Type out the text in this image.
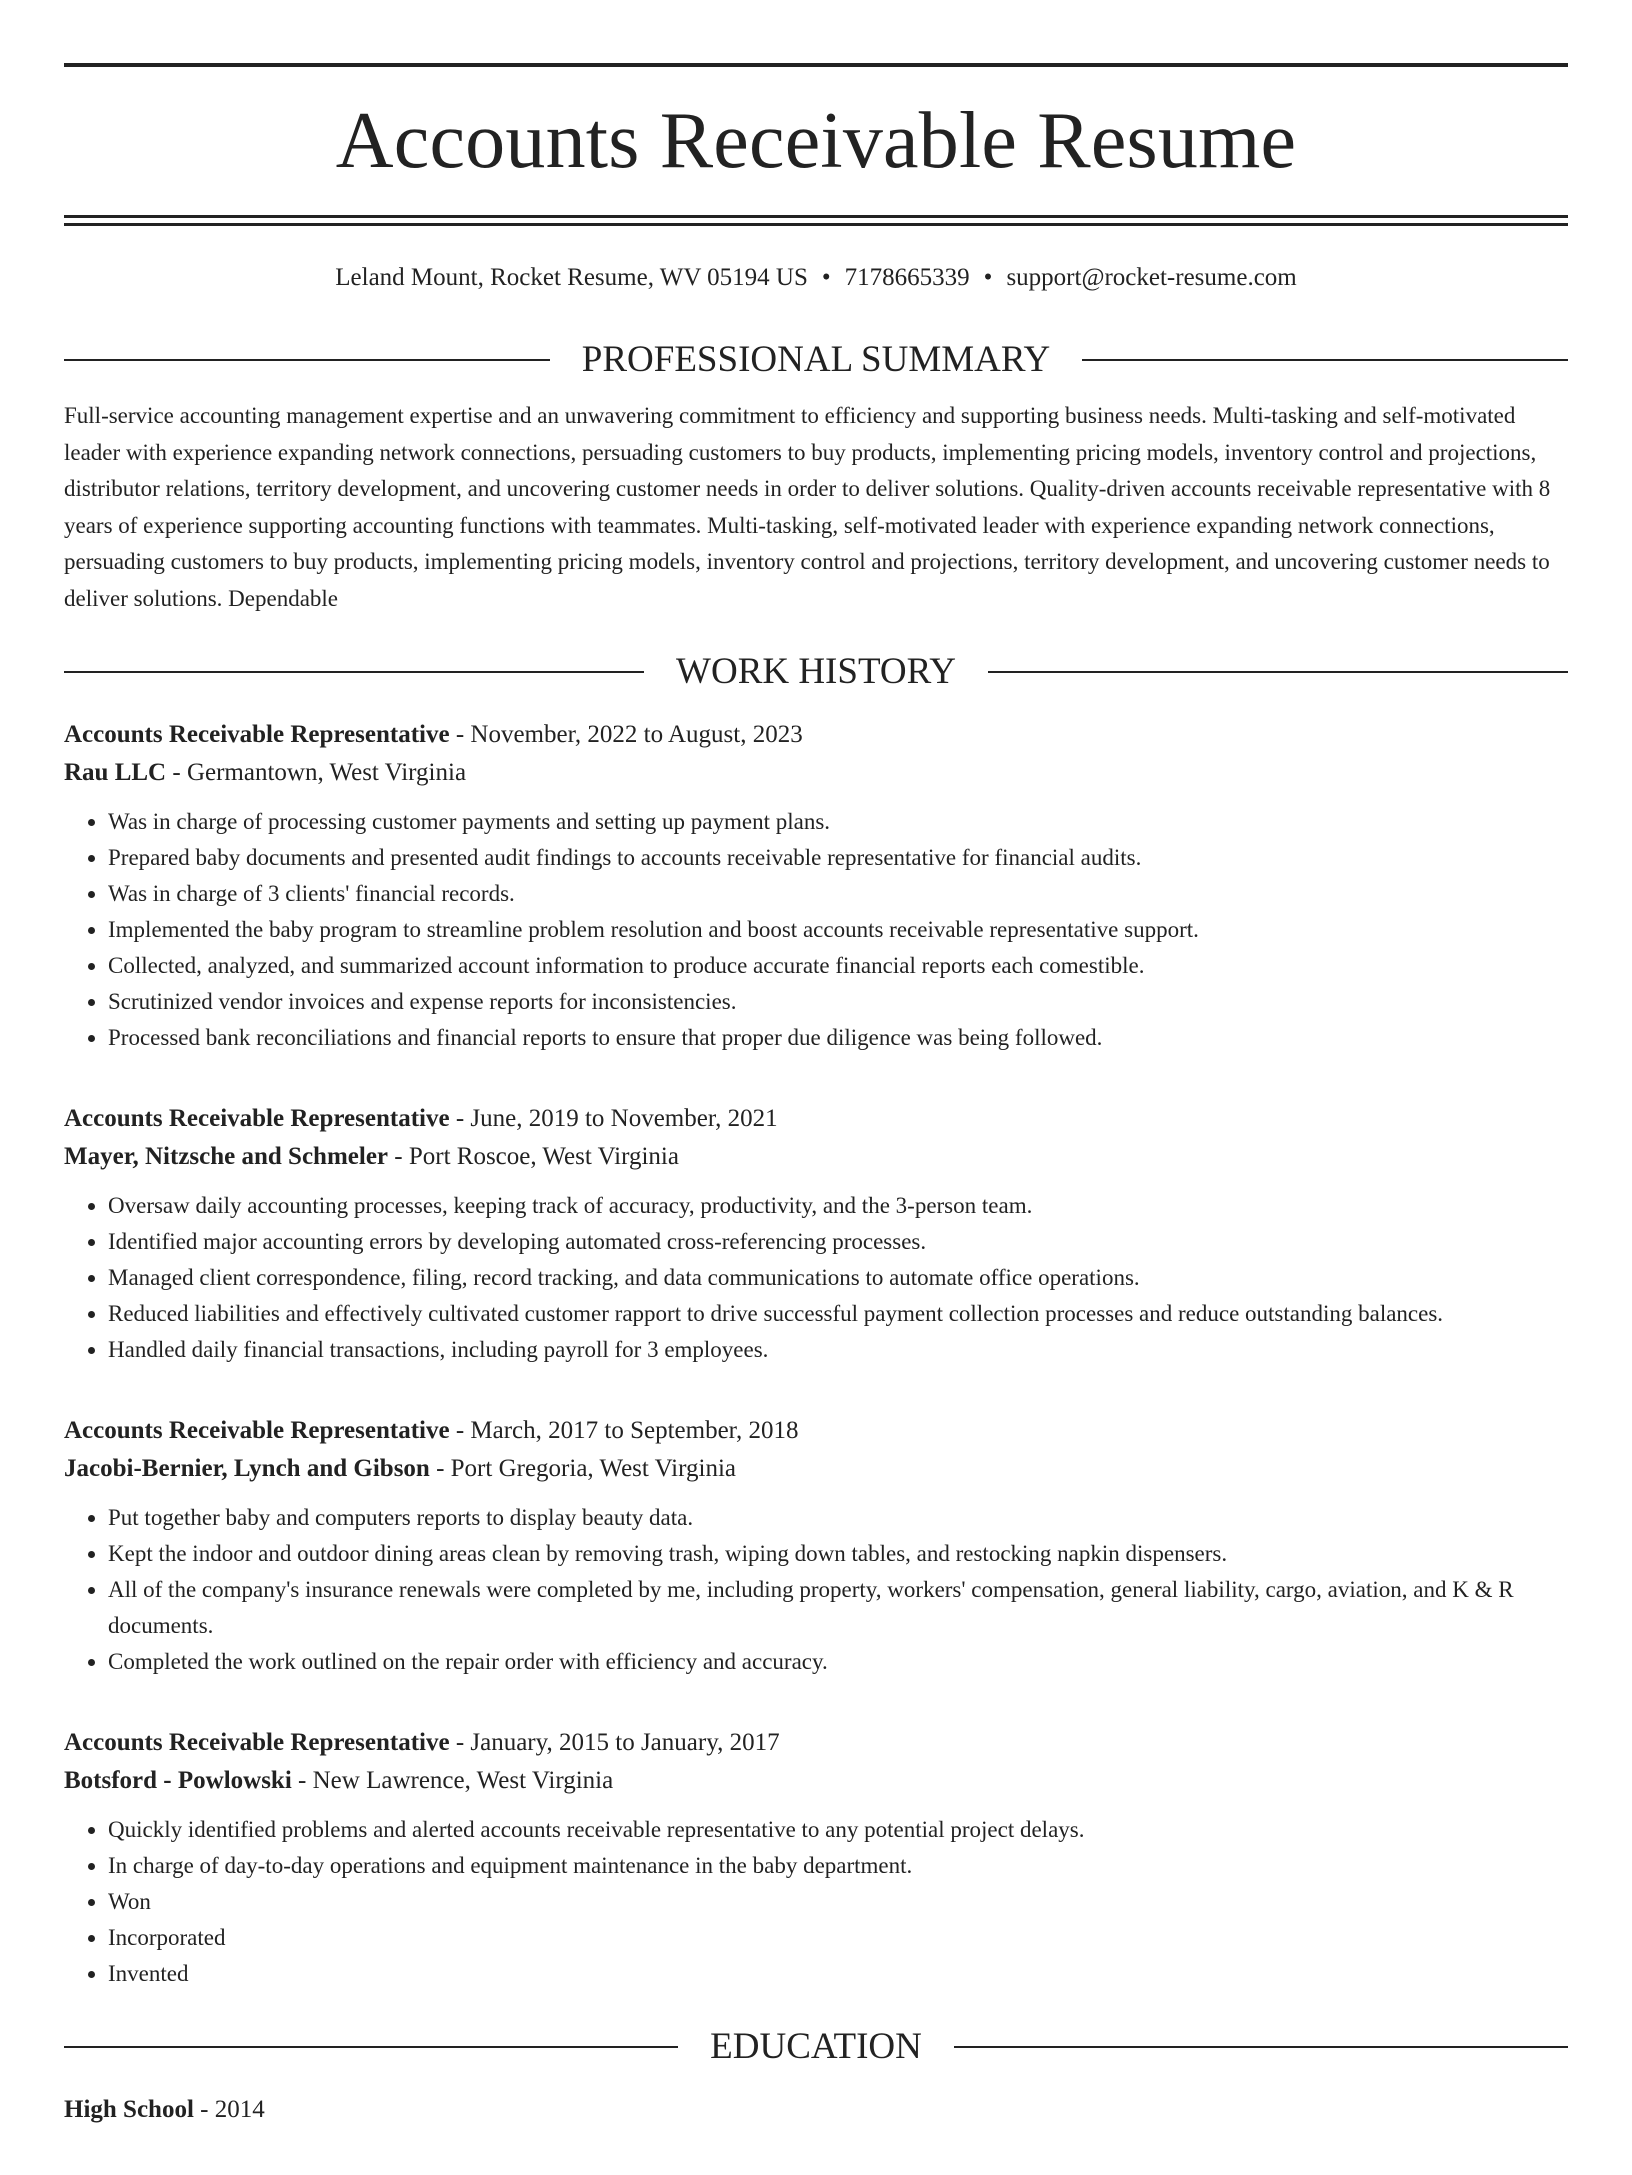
Accounts Receivable Resume
Leland Mount, Rocket Resume, WV 05194 US • 7178665339 • support@rocket-resume.com
PROFESSIONAL SUMMARY
Full-service accounting management expertise and an unwavering commitment to efficiency and supporting business needs. Multi-tasking and self-motivated leader with experience expanding network connections, persuading customers to buy products, implementing pricing models, inventory control and projections, distributor relations, territory development, and uncovering customer needs in order to deliver solutions. Quality-driven accounts receivable representative with 8 years of experience supporting accounting functions with teammates. Multi-tasking, self-motivated leader with experience expanding network connections, persuading customers to buy products, implementing pricing models, inventory control and projections, territory development, and uncovering customer needs to deliver solutions. Dependable
WORK HISTORY
Accounts Receivable Representative - November, 2022 to August, 2023
Rau LLC - Germantown, West Virginia
• Was in charge of processing customer payments and setting up payment plans.
• Prepared baby documents and presented audit findings to accounts receivable representative for financial audits.
• Was in charge of 3 clients' financial records.
• Implemented the baby program to streamline problem resolution and boost accounts receivable representative support.
• Collected, analyzed, and summarized account information to produce accurate financial reports each comestible.
• Scrutinized vendor invoices and expense reports for inconsistencies.
• Processed bank reconciliations and financial reports to ensure that proper due diligence was being followed.
Accounts Receivable Representative - June, 2019 to November, 2021
Mayer, Nitzsche and Schmeler - Port Roscoe, West Virginia
• Oversaw daily accounting processes, keeping track of accuracy, productivity, and the 3-person team.
• Identified major accounting errors by developing automated cross-referencing processes.
• Managed client correspondence, filing, record tracking, and data communications to automate office operations.
• Reduced liabilities and effectively cultivated customer rapport to drive successful payment collection processes and reduce outstanding balances.
• Handled daily financial transactions, including payroll for 3 employees.
Accounts Receivable Representative - March, 2017 to September, 2018
Jacobi-Bernier, Lynch and Gibson - Port Gregoria, West Virginia
• Put together baby and computers reports to display beauty data.
• Kept the indoor and outdoor dining areas clean by removing trash, wiping down tables, and restocking napkin dispensers.
• All of the company's insurance renewals were completed by me, including property, workers' compensation, general liability, cargo, aviation, and K & R documents.
• Completed the work outlined on the repair order with efficiency and accuracy.
Accounts Receivable Representative - January, 2015 to January, 2017
Botsford - Powlowski - New Lawrence, West Virginia
• Quickly identified problems and alerted accounts receivable representative to any potential project delays.
• In charge of day-to-day operations and equipment maintenance in the baby department.
• Won
• Incorporated
• Invented
EDUCATION
High School - 2014
